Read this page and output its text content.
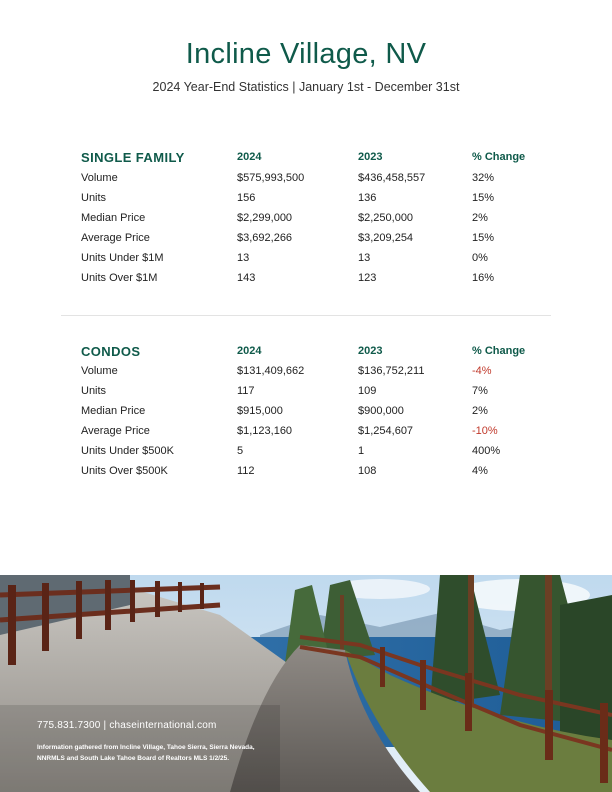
Incline Village, NV
2024 Year-End Statistics | January 1st - December 31st
SINGLE FAMILY	2024	2023	% Change
Volume	$575,993,500	$436,458,557	32%
Units	156	136	15%
Median Price	$2,299,000	$2,250,000	2%
Average Price	$3,692,266	$3,209,254	15%
Units Under $1M	13	13	0%
Units Over $1M	143	123	16%
CONDOS	2024	2023	% Change
Volume	$131,409,662	$136,752,211	-4%
Units	117	109	7%
Median Price	$915,000	$900,000	2%
Average Price	$1,123,160	$1,254,607	-10%
Units Under $500K	5	1	400%
Units Over $500K	112	108	4%
775.831.7300 | chaseinternational.com
Information gathered from Incline Village, Tahoe Sierra, Sierra Nevada, NNRMLS and South Lake Tahoe Board of Realtors MLS 1/2/25.
